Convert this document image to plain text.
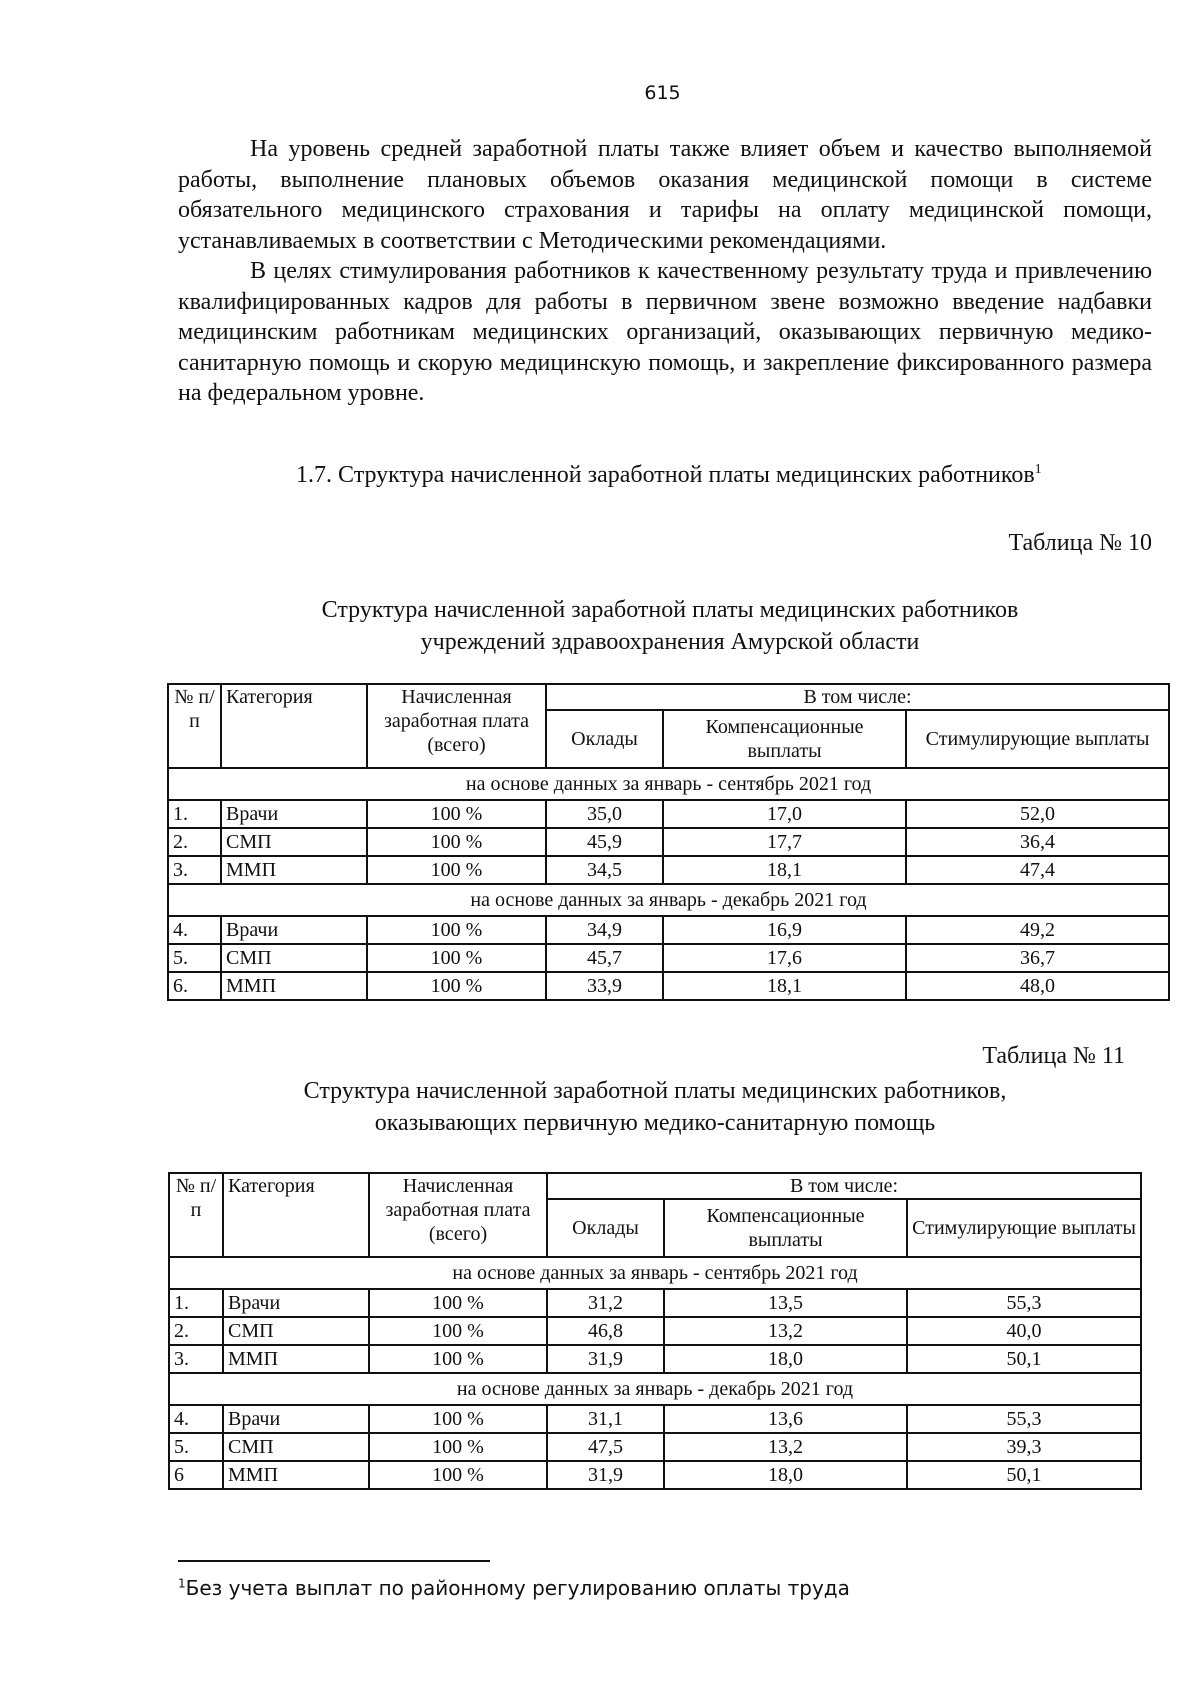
615

На уровень средней заработной платы также влияет объем и качество выполняемой работы, выполнение плановых объемов оказания медицинской помощи в системе обязательного медицинского страхования и тарифы на оплату медицинской помощи, устанавливаемых в соответствии с Методическими рекомендациями.

В целях стимулирования работников к качественному результату труда и привлечению квалифицированных кадров для работы в первичном звене возможно введение надбавки медицинским работникам медицинских организаций, оказывающих первичную медико-санитарную помощь и скорую медицинскую помощь, и закрепление фиксированного размера на федеральном уровне.

1.7. Структура начисленной заработной платы медицинских работников$^1$
Таблица № 10
Структура начисленной заработной платы медицинских работников
учреждений здравоохранения Амурской области
№ п/п	Категория	Начисленная заработная плата (всего)	В том числе:		
			Оклады	Компенсационные выплаты	Стимулирующие выплаты
на основе данных за январь - сентябрь 2021 год					
1.	Врачи	100 %	35,0	17,0	52,0
2.	СМП	100 %	45,9	17,7	36,4
3.	ММП	100 %	34,5	18,1	47,4
на основе данных за январь - декабрь 2021 год					
4.	Врачи	100 %	34,9	16,9	49,2
5.	СМП	100 %	45,7	17,6	36,7
6.	ММП	100 %	33,9	18,1	48,0
Таблица № 11
Структура начисленной заработной платы медицинских работников,
оказывающих первичную медико-санитарную помощь
№ п/п	Категория	Начисленная заработная плата (всего)	В том числе:		
			Оклады	Компенсационные выплаты	Стимулирующие выплаты
на основе данных за январь - сентябрь 2021 год					
1.	Врачи	100 %	31,2	13,5	55,3
2.	СМП	100 %	46,8	13,2	40,0
3.	ММП	100 %	31,9	18,0	50,1
на основе данных за январь - декабрь 2021 год					
4.	Врачи	100 %	31,1	13,6	55,3
5.	СМП	100 %	47,5	13,2	39,3
6	ММП	100 %	31,9	18,0	50,1
$^1$Без учета выплат по районному регулированию оплаты труда
